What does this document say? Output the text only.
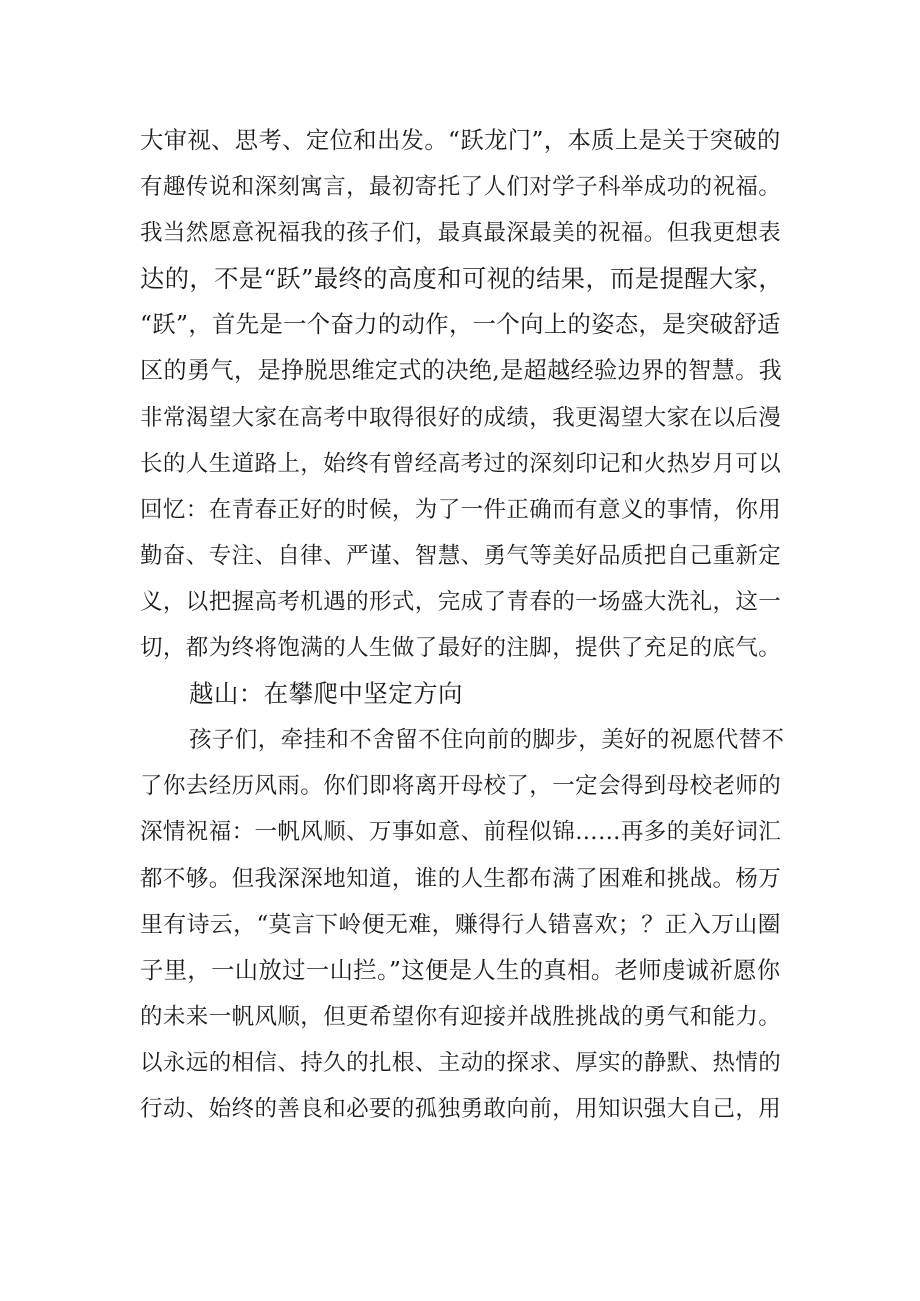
大审视、思考、定位和出发。“跃龙门”，本质上是关于突破的
有趣传说和深刻寓言，最初寄托了人们对学子科举成功的祝福。
我当然愿意祝福我的孩子们，最真最深最美的祝福。但我更想表
达的，不是“跃”最终的高度和可视的结果，而是提醒大家，
“跃”，首先是一个奋力的动作，一个向上的姿态，是突破舒适
区的勇气，是挣脱思维定式的决绝,是超越经验边界的智慧。我
非常渴望大家在高考中取得很好的成绩，我更渴望大家在以后漫
长的人生道路上，始终有曾经高考过的深刻印记和火热岁月可以
回忆：在青春正好的时候，为了一件正确而有意义的事情，你用
勤奋、专注、自律、严谨、智慧、勇气等美好品质把自己重新定
义，以把握高考机遇的形式，完成了青春的一场盛大洗礼，这一
切，都为终将饱满的人生做了最好的注脚，提供了充足的底气。
越山：在攀爬中坚定方向
孩子们，牵挂和不舍留不住向前的脚步，美好的祝愿代替不
了你去经历风雨。你们即将离开母校了，一定会得到母校老师的
深情祝福：一帆风顺、万事如意、前程似锦……再多的美好词汇
都不够。但我深深地知道，谁的人生都布满了困难和挑战。杨万
里有诗云，“莫言下岭便无难，赚得行人错喜欢；？正入万山圈
子里，一山放过一山拦。”这便是人生的真相。老师虔诚祈愿你
的未来一帆风顺，但更希望你有迎接并战胜挑战的勇气和能力。
以永远的相信、持久的扎根、主动的探求、厚实的静默、热情的
行动、始终的善良和必要的孤独勇敢向前，用知识强大自己，用
